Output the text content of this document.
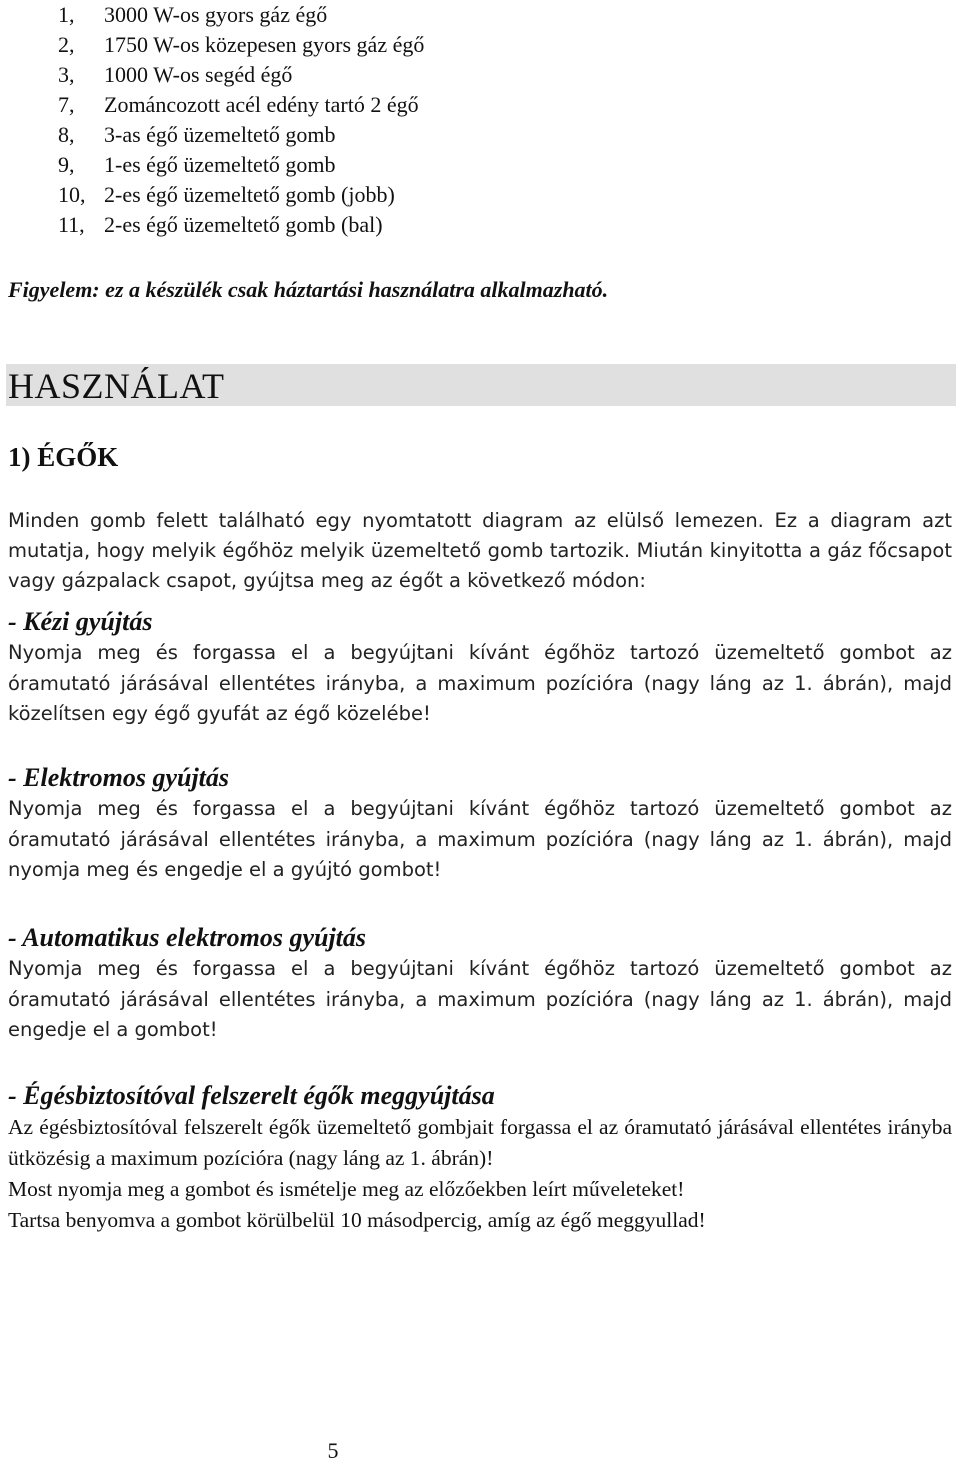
1,	3000 W-os gyors gáz égő
2,	1750 W-os közepesen gyors gáz égő
3,	1000 W-os segéd égő
7,	Zománcozott acél edény tartó 2 égő
8,	3-as égő üzemeltető gomb
9,	1-es égő üzemeltető gomb
10, 2-es égő üzemeltető gomb (jobb)
11, 2-es égő üzemeltető gomb (bal)

Figyelem: ez a készülék csak háztartási használatra alkalmazható.

HASZNÁLAT
1) ÉGŐK

Minden gomb felett található egy nyomtatott diagram az elülső lemezen. Ez a diagram azt mutatja, hogy melyik égőhöz melyik üzemeltető gomb tartozik. Miután kinyitotta a gáz főcsapot vagy gázpalack csapot, gyújtsa meg az égőt a következő módon:

- Kézi gyújtás

Nyomja meg és forgassa el a begyújtani kívánt égőhöz tartozó üzemeltető gombot az óramutató járásával ellentétes irányba, a maximum pozícióra (nagy láng az 1. ábrán), majd közelítsen egy égő gyufát az égő közelébe!

- Elektromos gyújtás

Nyomja meg és forgassa el a begyújtani kívánt égőhöz tartozó üzemeltető gombot az óramutató járásával ellentétes irányba, a maximum pozícióra (nagy láng az 1. ábrán), majd nyomja meg és engedje el a gyújtó gombot!

- Automatikus elektromos gyújtás

Nyomja meg és forgassa el a begyújtani kívánt égőhöz tartozó üzemeltető gombot az óramutató járásával ellentétes irányba, a maximum pozícióra (nagy láng az 1. ábrán), majd engedje el a gombot!

- Égésbiztosítóval felszerelt égők meggyújtása

Az égésbiztosítóval felszerelt égők üzemeltető gombjait forgassa el az óramutató járásával ellentétes irányba ütközésig a maximum pozícióra (nagy láng az 1. ábrán)!

Most nyomja meg a gombot és ismételje meg az előzőekben leírt műveleteket!
Tartsa benyomva a gombot körülbelül 10 másodpercig, amíg az égő meggyullad!

5
